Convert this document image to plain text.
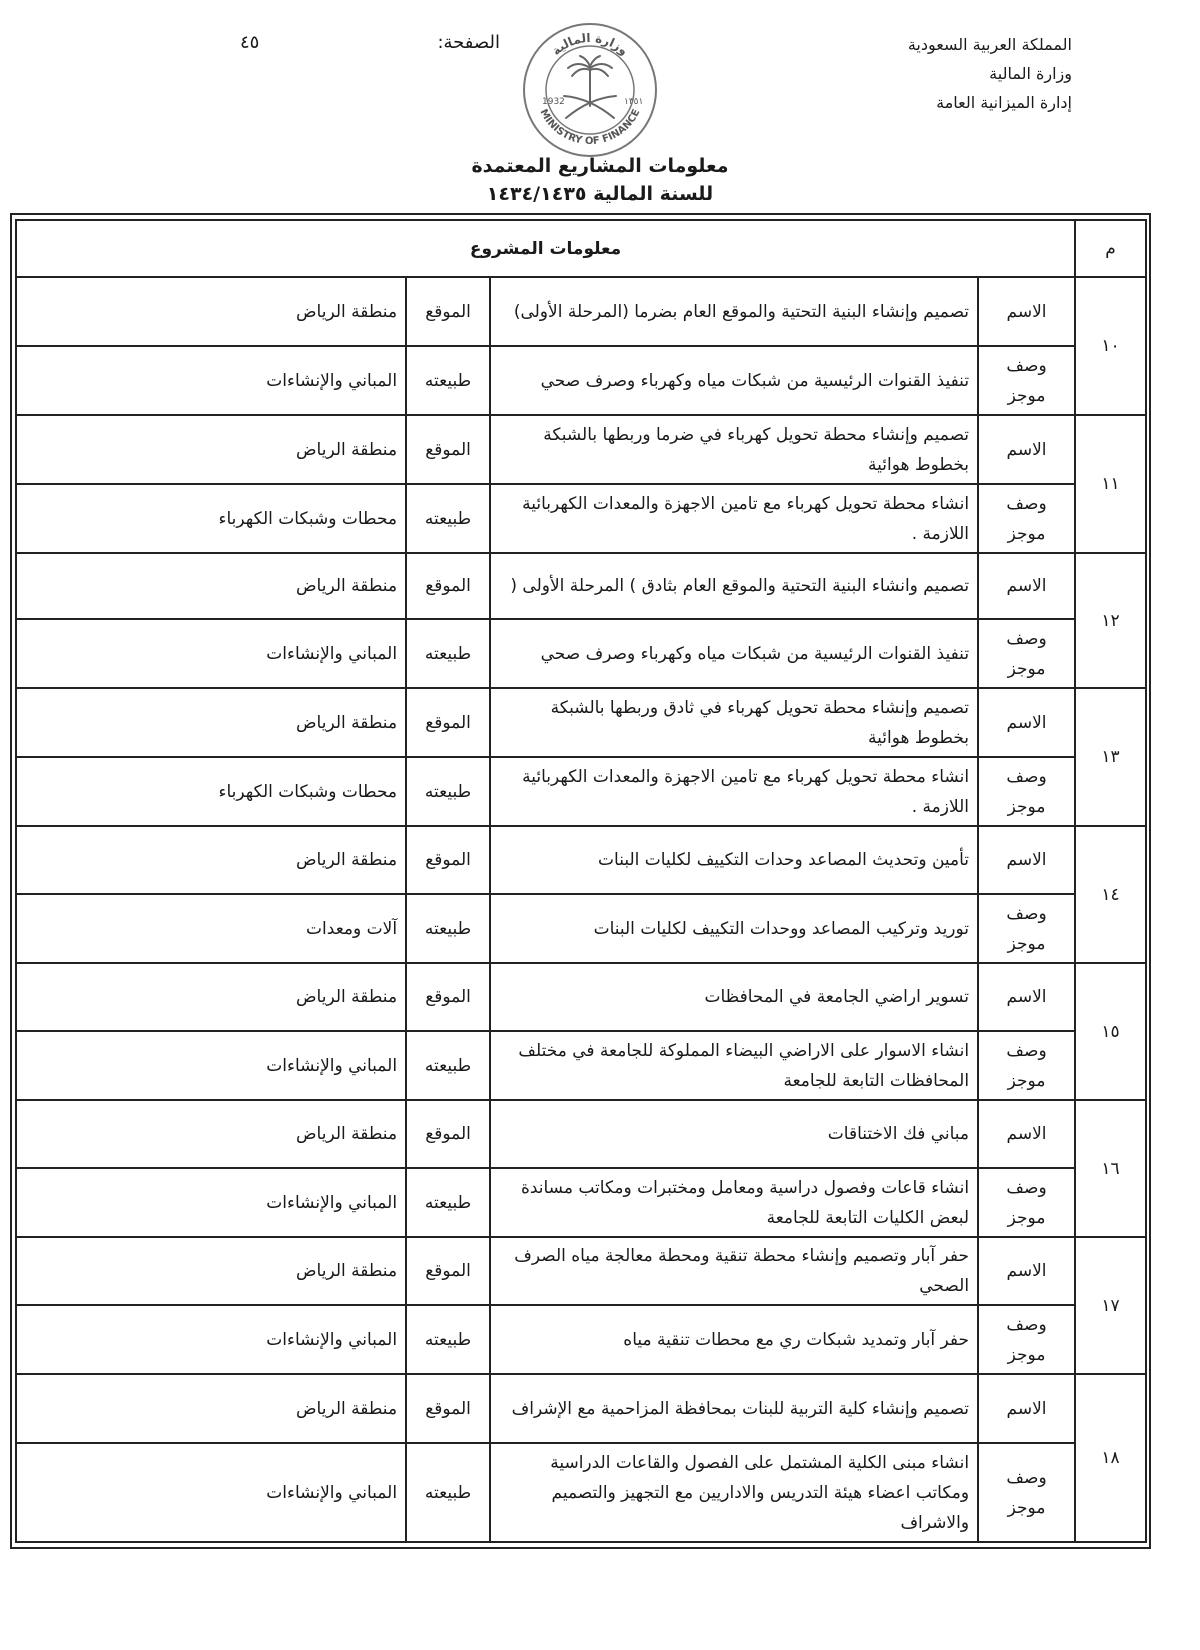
المملكة العربية السعودية
وزارة المالية
إدارة الميزانية العامة
الصفحة:
٤٥	وزارة المالية
MINISTRY OF FINANCE
1932	١٣٥١
معلومات المشاريع المعتمدة
للسنة المالية ١٤٣٤/١٤٣٥
م	معلومات المشروع			
١٠	الاسم	تصميم وإنشاء البنية التحتية والموقع العام بضرما (المرحلة الأولى)	الموقع	منطقة الرياض
	وصف موجز	تنفيذ القنوات الرئيسية من شبكات مياه وكهرباء وصرف صحي	طبيعته	المباني والإنشاءات
١١	الاسم	تصميم وإنشاء محطة تحويل كهرباء في ضرما وربطها بالشبكة بخطوط هوائية	الموقع	منطقة الرياض
	وصف موجز	انشاء محطة تحويل كهرباء مع تامين الاجهزة والمعدات الكهربائية اللازمة .	طبيعته	محطات وشبكات الكهرباء
١٢	الاسم	تصميم وانشاء البنية التحتية والموقع العام بثادق ) المرحلة الأولى (	الموقع	منطقة الرياض
	وصف موجز	تنفيذ القنوات الرئيسية من شبكات مياه وكهرباء وصرف صحي	طبيعته	المباني والإنشاءات
١٣	الاسم	تصميم وإنشاء محطة تحويل كهرباء في ثادق وربطها بالشبكة بخطوط هوائية	الموقع	منطقة الرياض
	وصف موجز	انشاء محطة تحويل كهرباء مع تامين الاجهزة والمعدات الكهربائية اللازمة .	طبيعته	محطات وشبكات الكهرباء
١٤	الاسم	تأمين وتحديث المصاعد وحدات التكييف لكليات البنات	الموقع	منطقة الرياض
	وصف موجز	توريد وتركيب المصاعد ووحدات التكييف لكليات البنات	طبيعته	آلات ومعدات
١٥	الاسم	تسوير اراضي الجامعة في المحافظات	الموقع	منطقة الرياض
	وصف موجز	انشاء الاسوار على الاراضي البيضاء المملوكة للجامعة في مختلف المحافظات التابعة للجامعة	طبيعته	المباني والإنشاءات
١٦	الاسم	مباني فك الاختناقات	الموقع	منطقة الرياض
	وصف موجز	انشاء قاعات وفصول دراسية ومعامل ومختبرات ومكاتب مساندة لبعض الكليات التابعة للجامعة	طبيعته	المباني والإنشاءات
١٧	الاسم	حفر آبار وتصميم وإنشاء محطة تنقية ومحطة معالجة مياه الصرف الصحي	الموقع	منطقة الرياض
	وصف موجز	حفر آبار وتمديد شبكات ري مع محطات تنقية مياه	طبيعته	المباني والإنشاءات
١٨	الاسم	تصميم وإنشاء كلية التربية للبنات بمحافظة المزاحمية مع الإشراف	الموقع	منطقة الرياض
	وصف موجز	انشاء مبنى الكلية المشتمل على الفصول والقاعات الدراسية ومكاتب اعضاء هيئة التدريس والاداريين مع التجهيز والتصميم والاشراف	طبيعته	المباني والإنشاءات
